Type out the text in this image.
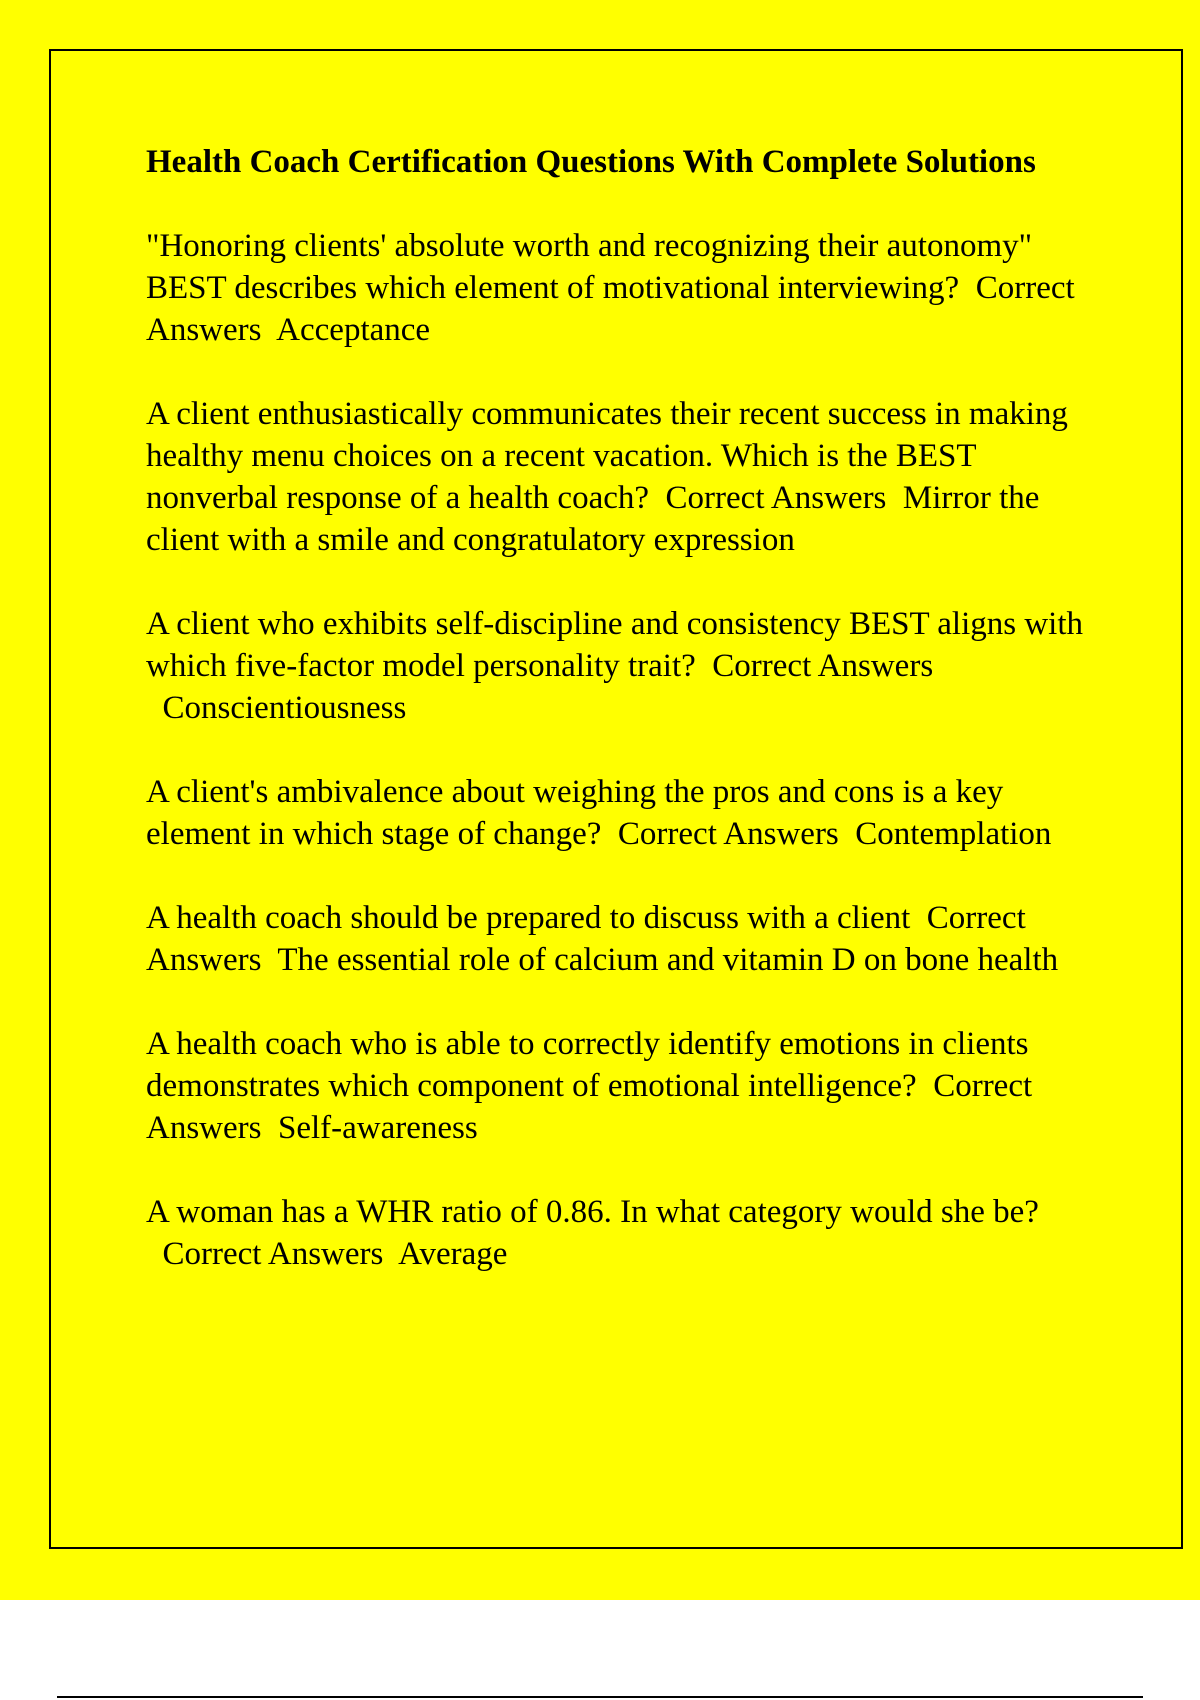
Health Coach Certification Questions With Complete Solutions

"Honoring clients' absolute worth and recognizing their autonomy" BEST describes which element of motivational interviewing? Correct Answers Acceptance

A client enthusiastically communicates their recent success in making healthy menu choices on a recent vacation. Which is the BEST nonverbal response of a health coach? Correct Answers Mirror the client with a smile and congratulatory expression

A client who exhibits self-discipline and consistency BEST aligns with which five-factor model personality trait? Correct Answers  Conscientiousness

A client's ambivalence about weighing the pros and cons is a key element in which stage of change? Correct Answers Contemplation

A health coach should be prepared to discuss with a client Correct Answers The essential role of calcium and vitamin D on bone health

A health coach who is able to correctly identify emotions in clients demonstrates which component of emotional intelligence? Correct Answers Self-awareness

A woman has a WHR ratio of 0.86. In what category would she be?  Correct Answers Average
